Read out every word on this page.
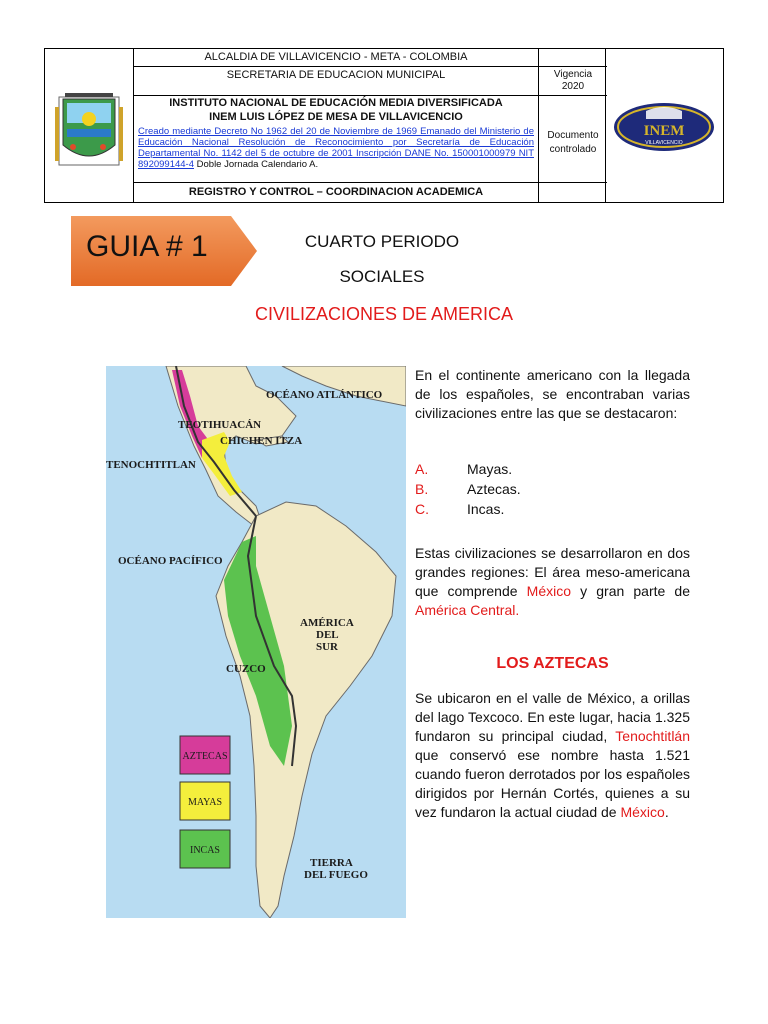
ALCALDIA DE VILLAVICENCIO - META - COLOMBIA
SECRETARIA DE EDUCACION MUNICIPAL	Vigencia
2020
INSTITUTO NACIONAL DE EDUCACIÓN MEDIA DIVERSIFICADA
INEM LUIS LÓPEZ DE MESA DE VILLAVICENCIO
Creado mediante Decreto No 1962 del 20 de Noviembre de 1969 Emanado del Ministerio de Educación Nacional Resolución de Reconocimiento por Secretaría de Educación Departamental No. 1142 del 5 de octubre de 2001 Inscripción DANE No. 150001000979 NIT 892099144-4 Doble Jornada Calendario A.
Documento
controlado
REGISTRO Y CONTROL – COORDINACION ACADEMICA
INEM
VILLAVICENCIO
GUIA # 1	CUARTO PERIODO
SOCIALES
CIVILIZACIONES DE AMERICA
OCÉANO ATLÁNTICO
TEOTIHUACÁN
CHICHEN ITZA
TENOCHTITLAN
OCÉANO PACÍFICO
AMÉRICA
DEL
SUR
CUZCO
TIERRA
DEL FUEGO
AZTECAS
MAYAS
INCAS
En el continente americano con la llegada de los españoles, se encontraban varias civilizaciones entre las que se destacaron:
A.	Mayas.
B.	Aztecas.
C.	Incas.
Estas civilizaciones se desarrollaron en dos grandes regiones: El área meso-americana que comprende México y gran parte de América Central.
LOS AZTECAS
Se ubicaron en el valle de México, a orillas del lago Texcoco. En este lugar, hacia 1.325 fundaron su principal ciudad, Tenochtitlán que conservó ese nombre hasta 1.521 cuando fueron derrotados por los españoles dirigidos por Hernán Cortés, quienes a su vez fundaron la actual ciudad de México.
